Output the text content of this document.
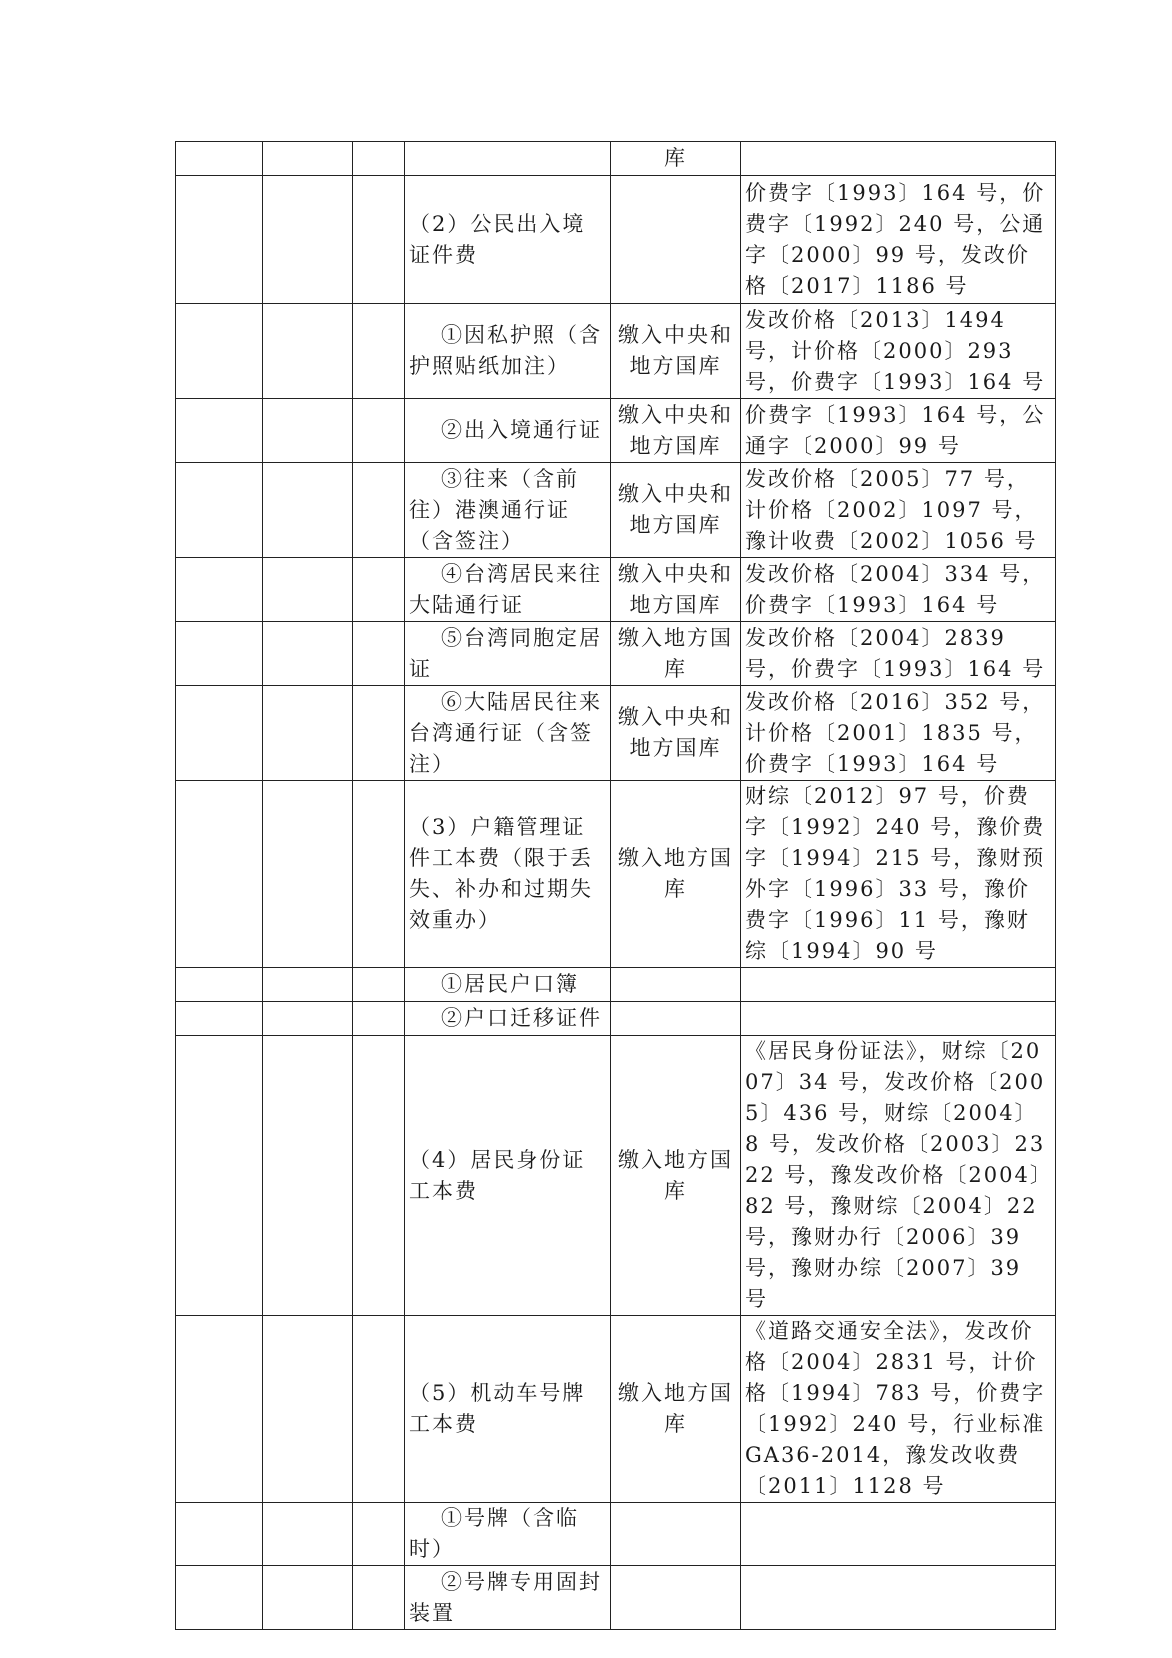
				库	
			（2）公民出入境证件费		价费字〔1993〕164 号，价费字〔1992〕240 号，公通字〔2000〕99 号，发改价格〔2017〕1186 号
			①因私护照（含护照贴纸加注）	缴入中央和地方国库	发改价格〔2013〕1494 号，计价格〔2000〕293 号，价费字〔1993〕164 号
			②出入境通行证	缴入中央和地方国库	价费字〔1993〕164 号，公通字〔2000〕99 号
			③往来（含前往）港澳通行证（含签注）	缴入中央和地方国库	发改价格〔2005〕77 号，计价格〔2002〕1097 号，豫计收费〔2002〕1056 号
			④台湾居民来往大陆通行证	缴入中央和地方国库	发改价格〔2004〕334 号，价费字〔1993〕164 号
			⑤台湾同胞定居证	缴入地方国库	发改价格〔2004〕2839 号，价费字〔1993〕164 号
			⑥大陆居民往来台湾通行证（含签注）	缴入中央和地方国库	发改价格〔2016〕352 号，计价格〔2001〕1835 号，价费字〔1993〕164 号
			（3）户籍管理证件工本费（限于丢失、补办和过期失效重办）	缴入地方国库	财综〔2012〕97 号，价费字〔1992〕240 号，豫价费字〔1994〕215 号，豫财预外字〔1996〕33 号，豫价费字〔1996〕11 号，豫财综〔1994〕90 号
			①居民户口簿		
			②户口迁移证件		
			（4）居民身份证工本费	缴入地方国库	《居民身份证法》，财综〔2007〕34 号，发改价格〔2005〕436 号，财综〔2004〕8 号，发改价格〔2003〕2322 号，豫发改价格〔2004〕82 号，豫财综〔2004〕22 号，豫财办行〔2006〕39 号，豫财办综〔2007〕39 号
			（5）机动车号牌工本费	缴入地方国库	《道路交通安全法》，发改价格〔2004〕2831 号，计价格〔1994〕783 号，价费字〔1992〕240 号，行业标准 GA36-2014，豫发改收费〔2011〕1128 号
			①号牌（含临时）		
			②号牌专用固封装置		
